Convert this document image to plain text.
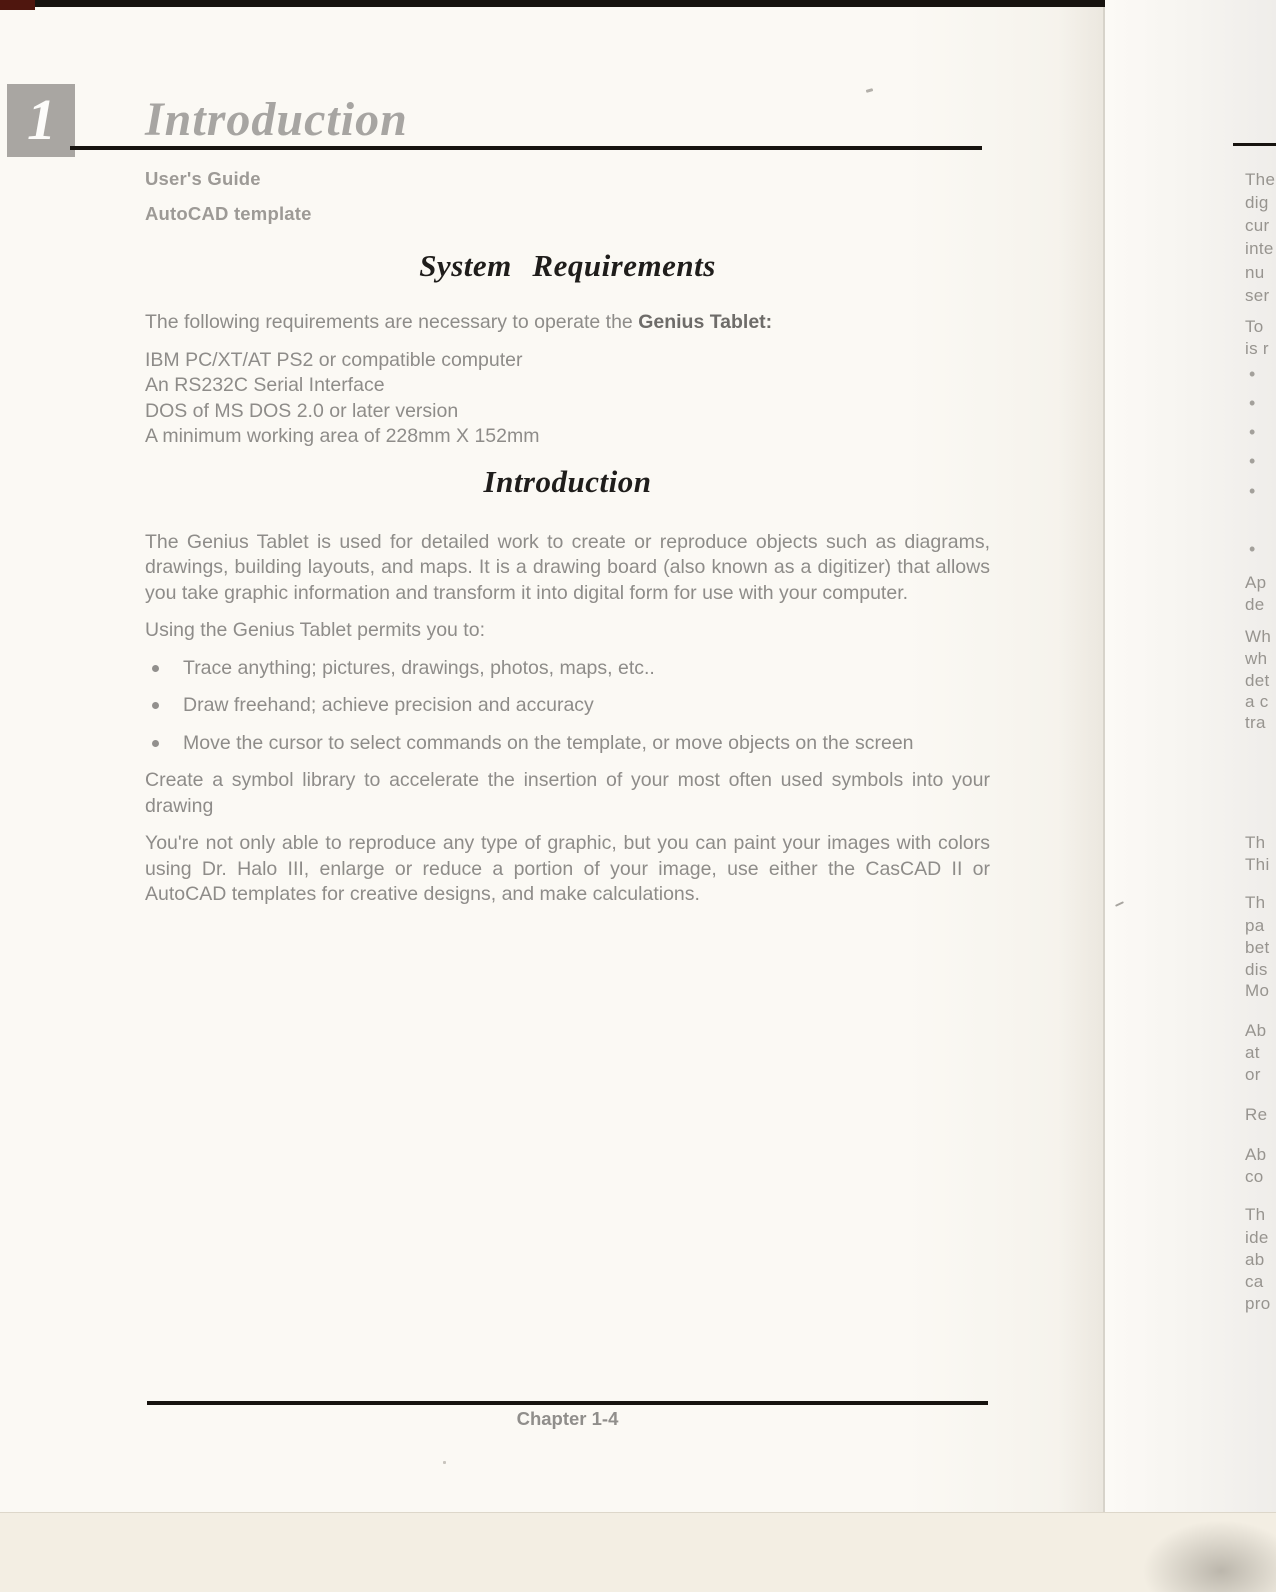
1 Introduction
User's Guide
AutoCAD template
System Requirements

The following requirements are necessary to operate the Genius Tablet:

IBM PC/XT/AT PS2 or compatible computer
An RS232C Serial Interface
DOS of MS DOS 2.0 or later version
A minimum working area of 228mm X 152mm
Introduction

The Genius Tablet is used for detailed work to create or reproduce objects such as diagrams, drawings, building layouts, and maps. It is a drawing board (also known as a digitizer) that allows you take graphic information and transform it into digital form for use with your computer.

Using the Genius Tablet permits you to:

Trace anything; pictures, drawings, photos, maps, etc..
Draw freehand; achieve precision and accuracy
Move the cursor to select commands on the template, or move objects on the screen

Create a symbol library to accelerate the insertion of your most often used symbols into your drawing

You're not only able to reproduce any type of graphic, but you can paint your images with colors using Dr. Halo III, enlarge or reduce a portion of your image, use either the CasCAD II or AutoCAD templates for creative designs, and make calculations.

Chapter 1-4
The
dig
cur
inte
nu
ser
To
is r
•
•
•
•
•
•
Ap
de
Wh
wh
det
a c
tra
Th
Thi
Th
pa
bet
dis
Mo
Ab
at
or
Re
Ab
co
Th
ide
ab
ca
pro
